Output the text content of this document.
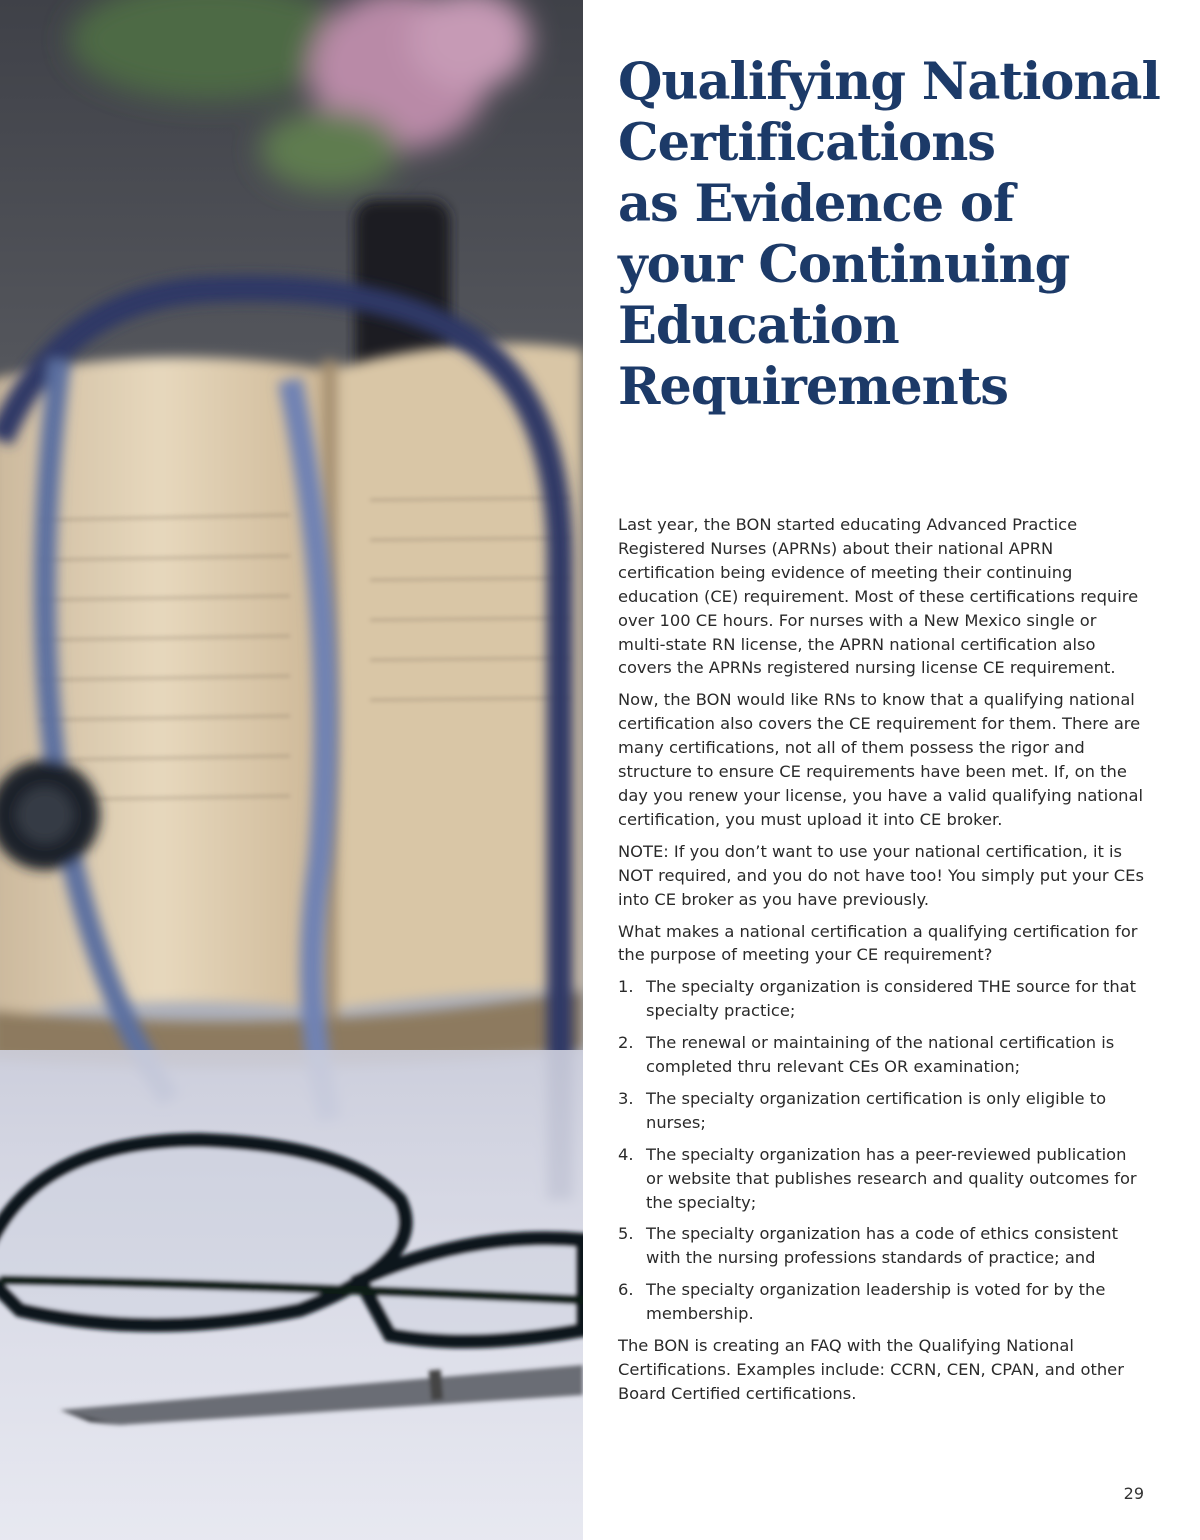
Qualifying National
Certifications
as Evidence of
your Continuing
Education
Requirements

Last year, the BON started educating Advanced Practice Registered Nurses (APRNs) about their national APRN certification being evidence of meeting their continuing education (CE) requirement. Most of these certifications require over 100 CE hours. For nurses with a New Mexico single or multi-state RN license, the APRN national certification also covers the APRNs registered nursing license CE requirement.

Now, the BON would like RNs to know that a qualifying national certification also covers the CE requirement for them. There are many certifications, not all of them possess the rigor and structure to ensure CE requirements have been met. If, on the day you renew your license, you have a valid qualifying national certification, you must upload it into CE broker.

NOTE: If you don’t want to use your national certification, it is NOT required, and you do not have too! You simply put your CEs into CE broker as you have previously.

What makes a national certification a qualifying certification for the purpose of meeting your CE requirement?

1. The specialty organization is considered THE source for that specialty practice;
2. The renewal or maintaining of the national certification is completed thru relevant CEs OR examination;
3. The specialty organization certification is only eligible to nurses;
4. The specialty organization has a peer-reviewed publication or website that publishes research and quality outcomes for the specialty;
5. The specialty organization has a code of ethics consistent with the nursing professions standards of practice; and
6. The specialty organization leadership is voted for by the membership.

The BON is creating an FAQ with the Qualifying National Certifications. Examples include: CCRN, CEN, CPAN, and other Board Certified certifications.

29
